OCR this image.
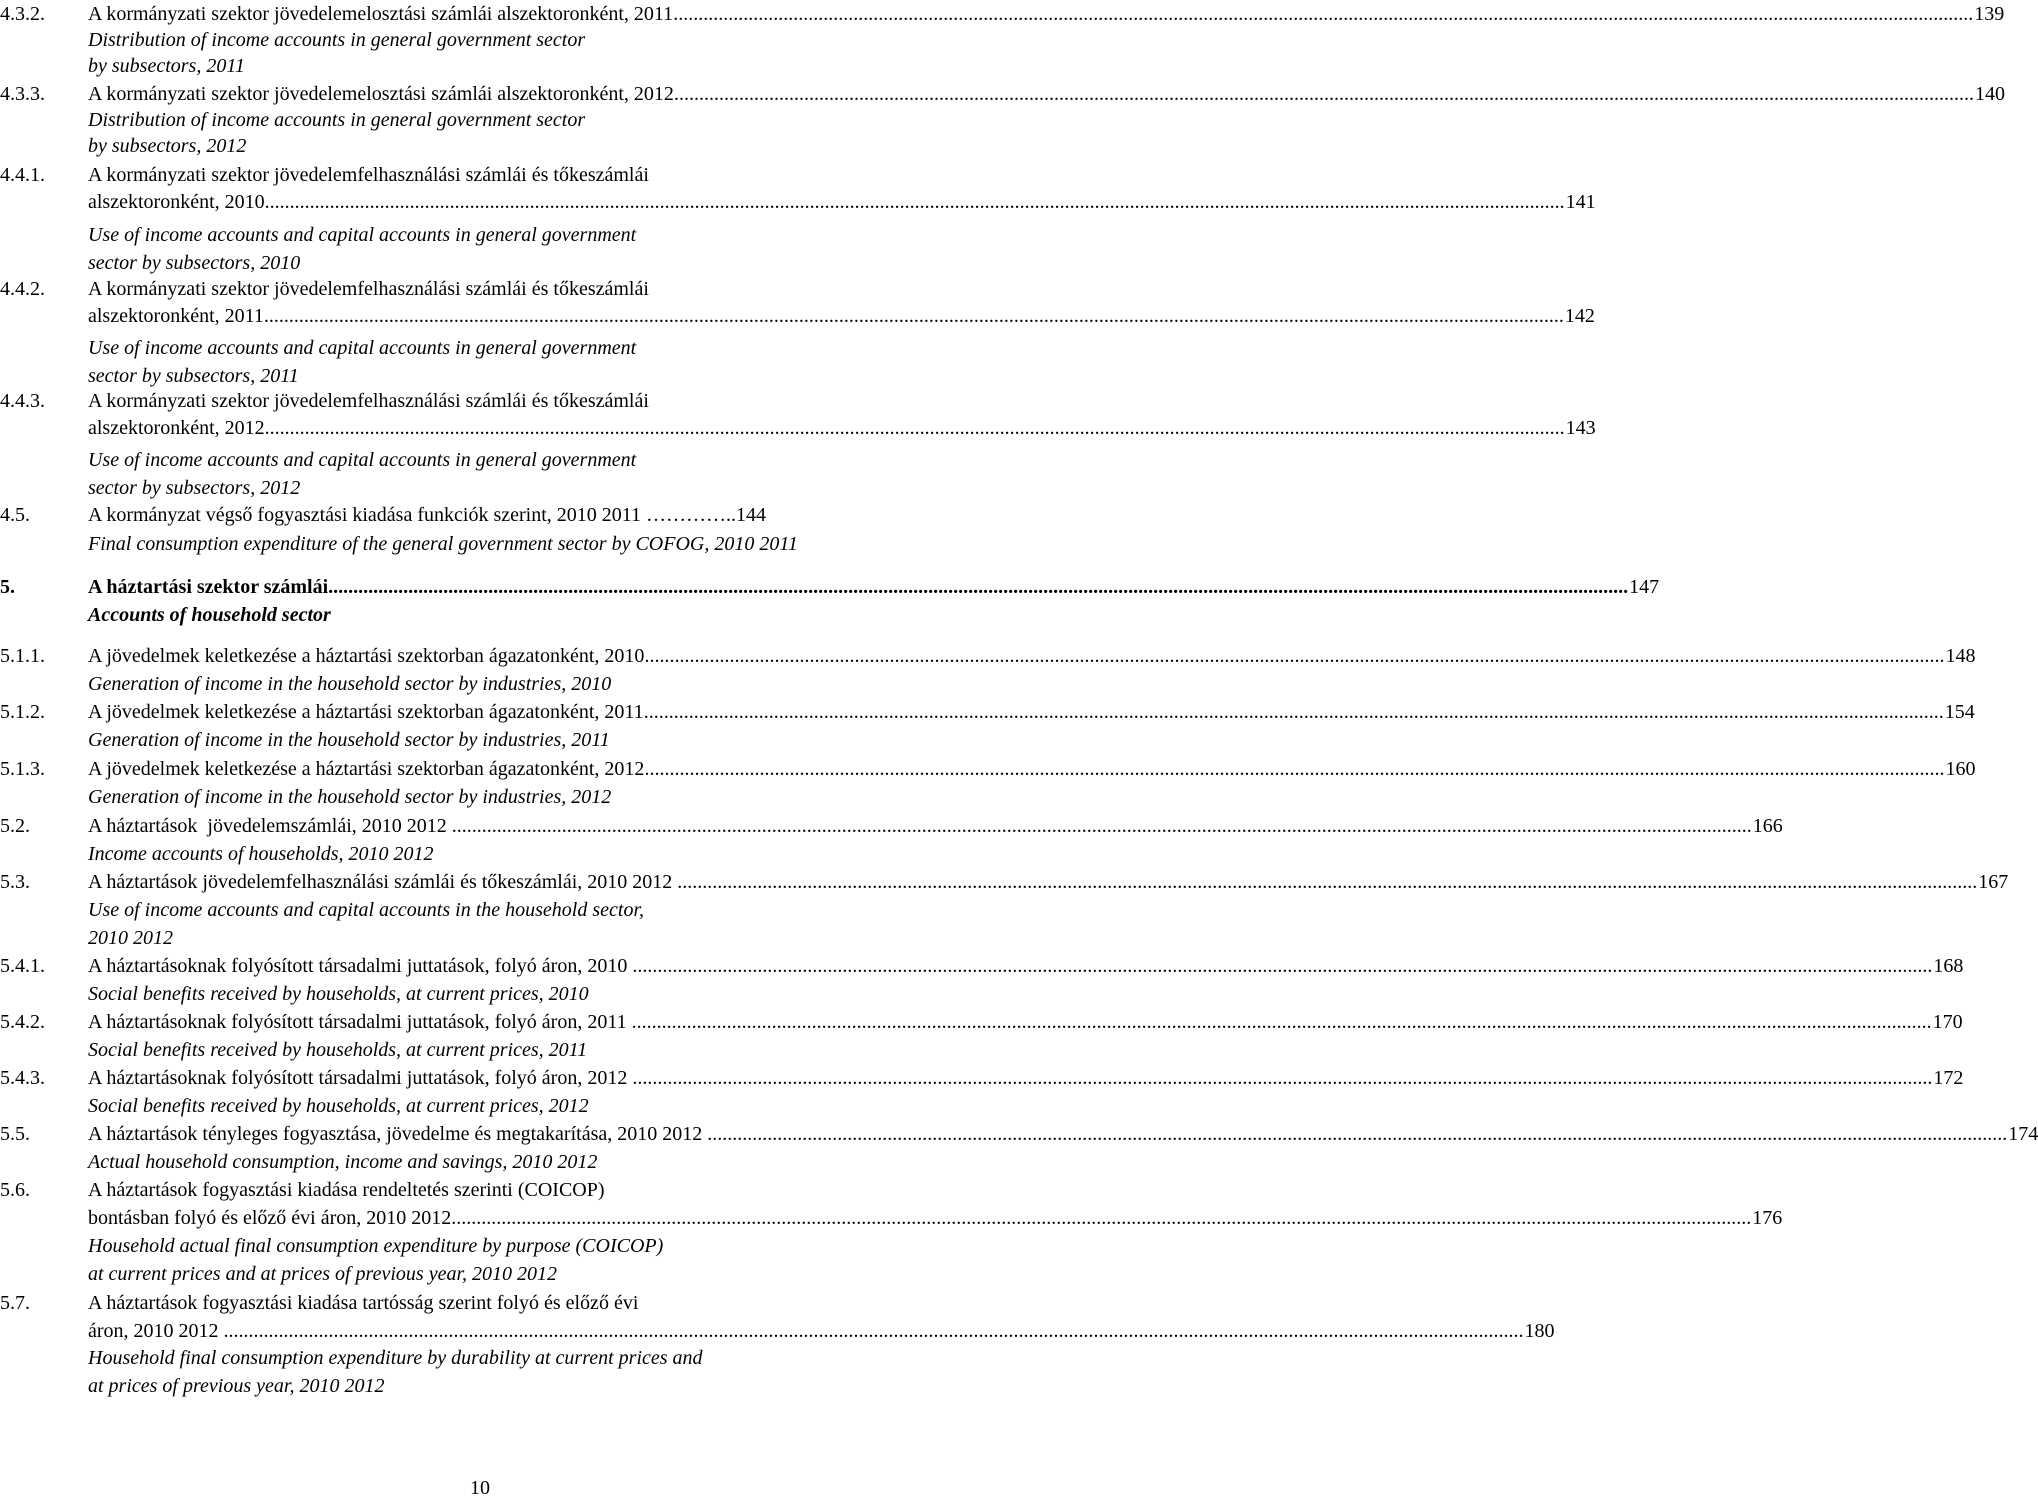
4.3.2. A kormányzati szektor jövedelemelosztási számlái alszektoronként, 2011 .................................................................................................................................................................................................................................................................... 139
Distribution of income accounts in general government sector
by subsectors, 2011
4.3.3. A kormányzati szektor jövedelemelosztási számlái alszektoronként, 2012 .................................................................................................................................................................................................................................................................... 140
Distribution of income accounts in general government sector
by subsectors, 2012
4.4.1. A kormányzati szektor jövedelemfelhasználási számlái és tőkeszámlái
alszektoronként, 2010 .................................................................................................................................................................................................................................................................... 141
Use of income accounts and capital accounts in general government
sector by subsectors, 2010
4.4.2. A kormányzati szektor jövedelemfelhasználási számlái és tőkeszámlái
alszektoronként, 2011 .................................................................................................................................................................................................................................................................... 142
Use of income accounts and capital accounts in general government
sector by subsectors, 2011
4.4.3. A kormányzati szektor jövedelemfelhasználási számlái és tőkeszámlái
alszektoronként, 2012 .................................................................................................................................................................................................................................................................... 143
Use of income accounts and capital accounts in general government
sector by subsectors, 2012
4.5.	A kormányzat végső fogyasztási kiadása funkciók szerint, 2010 2011 …………..144
Final consumption expenditure of the general government sector by COFOG, 2010 2011
5.	A háztartási szektor számlái .................................................................................................................................................................................................................................................................... 147
Accounts of household sector
5.1.1. A jövedelmek keletkezése a háztartási szektorban ágazatonként, 2010 .................................................................................................................................................................................................................................................................... 148
Generation of income in the household sector by industries, 2010
5.1.2. A jövedelmek keletkezése a háztartási szektorban ágazatonként, 2011 .................................................................................................................................................................................................................................................................... 154
Generation of income in the household sector by industries, 2011
5.1.3. A jövedelmek keletkezése a háztartási szektorban ágazatonként, 2012 .................................................................................................................................................................................................................................................................... 160
Generation of income in the household sector by industries, 2012
5.2.	A háztartások  jövedelemszámlái, 2010 2012 .................................................................................................................................................................................................................................................................... 166
Income accounts of households, 2010 2012
5.3.	A háztartások jövedelemfelhasználási számlái és tőkeszámlái, 2010 2012 .................................................................................................................................................................................................................................................................... 167
Use of income accounts and capital accounts in the household sector,
2010 2012
5.4.1. A háztartásoknak folyósított társadalmi juttatások, folyó áron, 2010 .................................................................................................................................................................................................................................................................... 168
Social benefits received by households, at current prices, 2010
5.4.2. A háztartásoknak folyósított társadalmi juttatások, folyó áron, 2011 .................................................................................................................................................................................................................................................................... 170
Social benefits received by households, at current prices, 2011
5.4.3. A háztartásoknak folyósított társadalmi juttatások, folyó áron, 2012 .................................................................................................................................................................................................................................................................... 172
Social benefits received by households, at current prices, 2012
5.5.	A háztartások tényleges fogyasztása, jövedelme és megtakarítása, 2010 2012 .................................................................................................................................................................................................................................................................... 174
Actual household consumption, income and savings, 2010 2012
5.6.	A háztartások fogyasztási kiadása rendeltetés szerinti (COICOP)
bontásban folyó és előző évi áron, 2010 2012 .................................................................................................................................................................................................................................................................... 176
Household actual final consumption expenditure by purpose (COICOP)
at current prices and at prices of previous year, 2010 2012
5.7.	A háztartások fogyasztási kiadása tartósság szerint folyó és előző évi
áron, 2010 2012 .................................................................................................................................................................................................................................................................... 180
Household final consumption expenditure by durability at current prices and
at prices of previous year, 2010 2012
10
